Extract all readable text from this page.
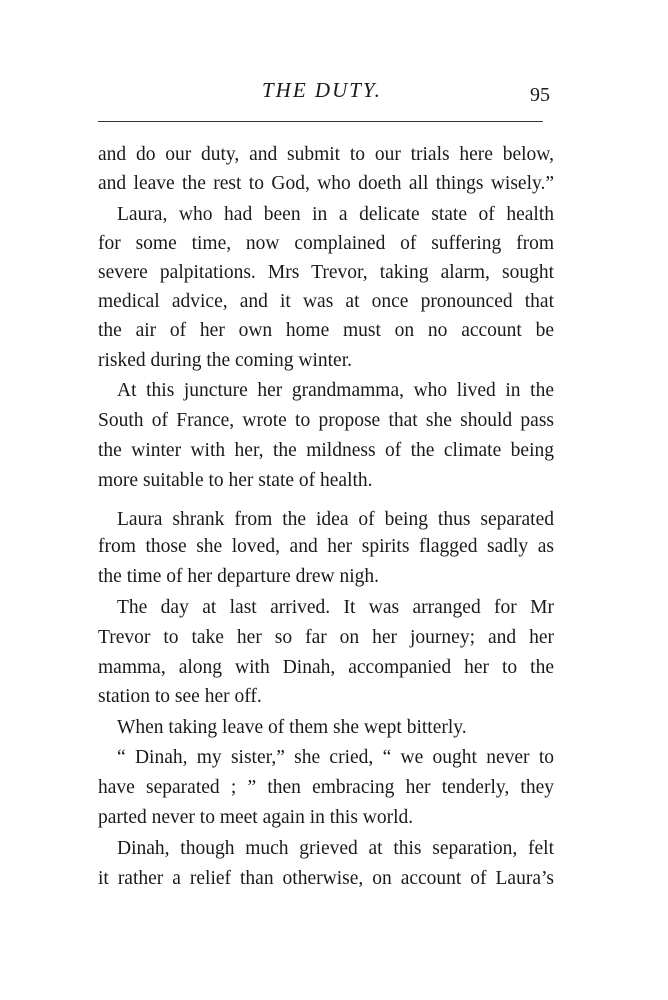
THE DUTY.	95
and do our duty, and submit to our trials here below,
and leave the rest to God, who doeth all things wisely.”
Laura, who had been in a delicate state of health
for some time, now complained of suffering from
severe palpitations. Mrs Trevor, taking alarm, sought
medical advice, and it was at once pronounced that
the air of her own home must on no account be
risked during the coming winter.
At this juncture her grandmamma, who lived in the
South of France, wrote to propose that she should pass
the winter with her, the mildness of the climate being
more suitable to her state of health.
Laura shrank from the idea of being thus separated
from those she loved, and her spirits flagged sadly as
the time of her departure drew nigh.
The day at last arrived. It was arranged for Mr
Trevor to take her so far on her journey; and her
mamma, along with Dinah, accompanied her to the
station to see her off.
When taking leave of them she wept bitterly.
“ Dinah, my sister,” she cried, “ we ought never to
have separated ; ” then embracing her tenderly, they
parted never to meet again in this world.
Dinah, though much grieved at this separation, felt
it rather a relief than otherwise, on account of Laura’s
